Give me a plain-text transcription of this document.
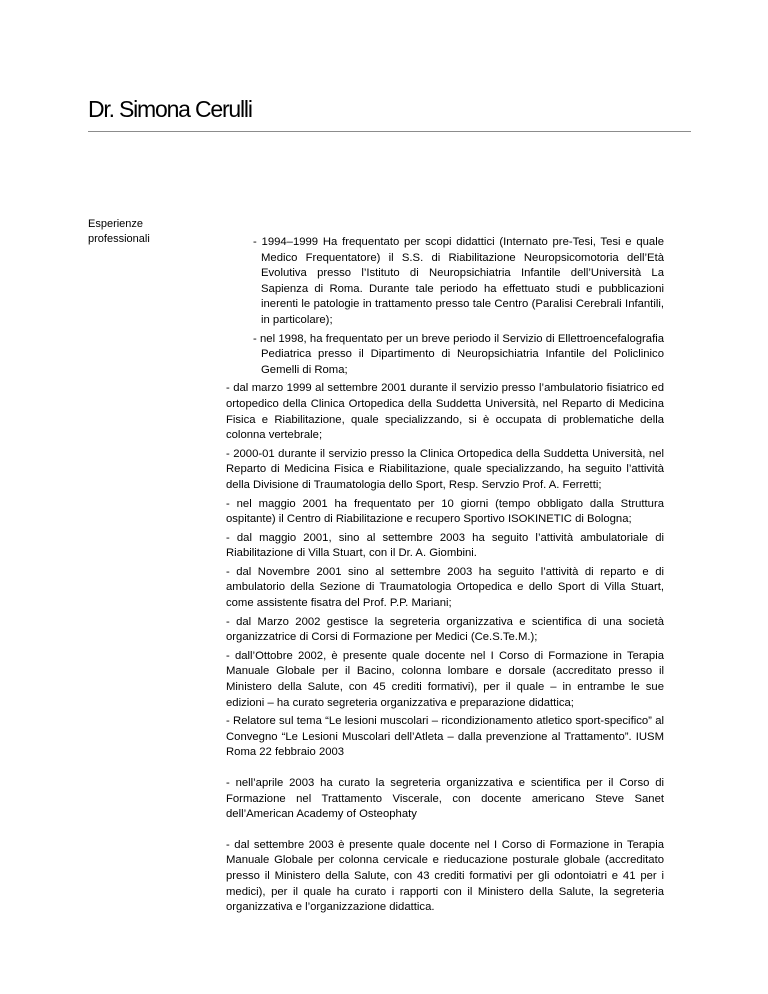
Dr. Simona Cerulli
Esperienze
professionali	- 1994–1999 Ha frequentato per scopi didattici (Internato pre-Tesi, Tesi e quale Medico Frequentatore) il S.S. di Riabilitazione Neuropsicomotoria dell’Età Evolutiva presso l’Istituto di Neuropsichiatria Infantile dell’Università La Sapienza di Roma. Durante tale periodo ha effettuato studi e pubblicazioni inerenti le patologie in trattamento presso tale Centro (Paralisi Cerebrali Infantili, in particolare);

- nel 1998, ha frequentato per un breve periodo il Servizio di Ellettroencefalografia Pediatrica presso il Dipartimento di Neuropsichiatria Infantile del Policlinico Gemelli di Roma;

- dal marzo 1999 al settembre 2001 durante il servizio presso l’ambulatorio fisiatrico ed ortopedico della Clinica Ortopedica della Suddetta Università, nel Reparto di Medicina Fisica e Riabilitazione, quale specializzando, si è occupata di problematiche della colonna vertebrale;

- 2000-01 durante il servizio presso la Clinica Ortopedica della Suddetta Università, nel Reparto di Medicina Fisica e Riabilitazione, quale specializzando, ha seguito l’attività della Divisione di Traumatologia dello Sport, Resp. Servzio Prof. A. Ferretti;

- nel maggio 2001 ha frequentato per 10 giorni (tempo obbligato dalla Struttura ospitante) il Centro di Riabilitazione e recupero Sportivo ISOKINETIC di Bologna;

- dal maggio 2001, sino al settembre 2003 ha seguito l’attività ambulatoriale di Riabilitazione di Villa Stuart, con il Dr. A. Giombini.

- dal Novembre 2001 sino al settembre 2003 ha seguito l’attività di reparto e di ambulatorio della Sezione di Traumatologia Ortopedica e dello Sport di Villa Stuart, come assistente fisatra del Prof. P.P. Mariani;

- dal Marzo 2002 gestisce la segreteria organizzativa e scientifica di una società organizzatrice di Corsi di Formazione per Medici (Ce.S.Te.M.);

- dall’Ottobre 2002, è presente quale docente nel I Corso di Formazione in Terapia Manuale Globale per il Bacino, colonna lombare e dorsale (accreditato presso il Ministero della Salute, con 45 crediti formativi), per il quale – in entrambe le sue edizioni – ha curato segreteria organizzativa e preparazione didattica;

- Relatore sul tema “Le lesioni muscolari – ricondizionamento atletico sport-specifico” al Convegno “Le Lesioni Muscolari dell’Atleta – dalla prevenzione al Trattamento”. IUSM Roma 22 febbraio 2003

- nell’aprile 2003 ha curato la segreteria organizzativa e scientifica per il Corso di Formazione nel Trattamento Viscerale, con docente americano Steve Sanet dell’American Academy of Osteophaty

- dal settembre 2003 è presente quale docente nel I Corso di Formazione in Terapia Manuale Globale per colonna cervicale e rieducazione posturale globale (accreditato presso il Ministero della Salute, con 43 crediti formativi per gli odontoiatri e 41 per i medici), per il quale ha curato i rapporti con il Ministero della Salute, la segreteria organizzativa e l’organizzazione didattica.
